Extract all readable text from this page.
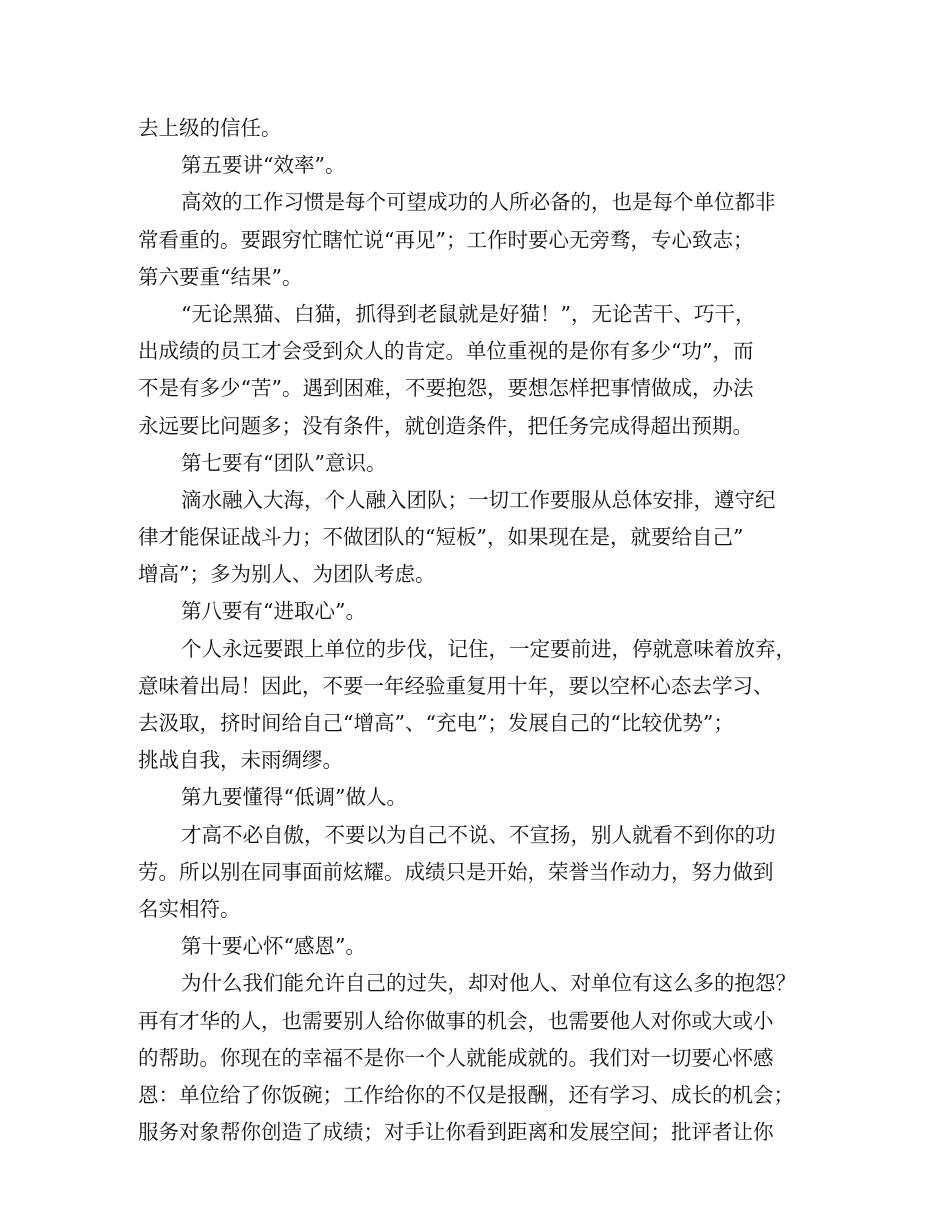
去上级的信任。
第五要讲“效率”。
高效的工作习惯是每个可望成功的人所必备的，也是每个单位都非
常看重的。要跟穷忙瞎忙说“再见”；工作时要心无旁骛，专心致志；
第六要重“结果”。
“无论黑猫、白猫，抓得到老鼠就是好猫！”，无论苦干、巧干，
出成绩的员工才会受到众人的肯定。单位重视的是你有多少“功”，而
不是有多少“苦”。遇到困难，不要抱怨，要想怎样把事情做成，办法
永远要比问题多；没有条件，就创造条件，把任务完成得超出预期。
第七要有“团队”意识。
滴水融入大海，个人融入团队；一切工作要服从总体安排，遵守纪
律才能保证战斗力；不做团队的“短板”，如果现在是，就要给自己”
增高”；多为别人、为团队考虑。
第八要有“进取心”。
个人永远要跟上单位的步伐，记住，一定要前进，停就意味着放弃，
意味着出局！因此，不要一年经验重复用十年，要以空杯心态去学习、
去汲取，挤时间给自己“增高”、“充电”；发展自己的“比较优势”；
挑战自我，未雨绸缪。
第九要懂得“低调”做人。
才高不必自傲，不要以为自己不说、不宣扬，别人就看不到你的功
劳。所以别在同事面前炫耀。成绩只是开始，荣誉当作动力，努力做到
名实相符。
第十要心怀“感恩”。
为什么我们能允许自己的过失，却对他人、对单位有这么多的抱怨？
再有才华的人，也需要别人给你做事的机会，也需要他人对你或大或小
的帮助。你现在的幸福不是你一个人就能成就的。我们对一切要心怀感
恩：单位给了你饭碗；工作给你的不仅是报酬，还有学习、成长的机会；
服务对象帮你创造了成绩；对手让你看到距离和发展空间；批评者让你
